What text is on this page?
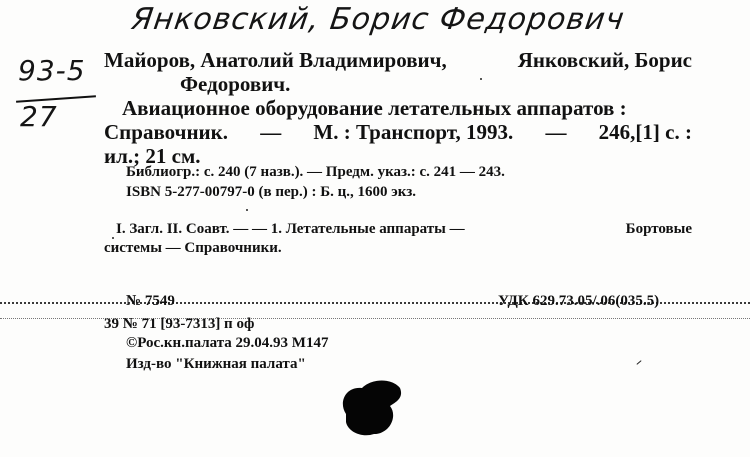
Янковский, Борис Федорович
93-5
27
Майоров, Анатолий Владимирович,	Янковский, Борис
Федорович.
Авиационное оборудование летательных аппаратов :
Справочник. — М. : Транспорт, 1993. — 246,[1] с. :
ил.; 21 см.
Библиогр.: с. 240 (7 назв.). — Предм. указ.: с. 241 — 243.
ISBN 5-277-00797-0 (в пер.) : Б. ц., 1600 экз.
I. Загл. II. Соавт. — — 1. Летательные аппараты —	Бортовые
системы — Справочники.
№ 7549	УДК 629.73.05/.06(035.5)
39 № 71 [93-7313] п оф
©Рос.кн.палата 29.04.93 М147
Изд-во "Книжная палата"
